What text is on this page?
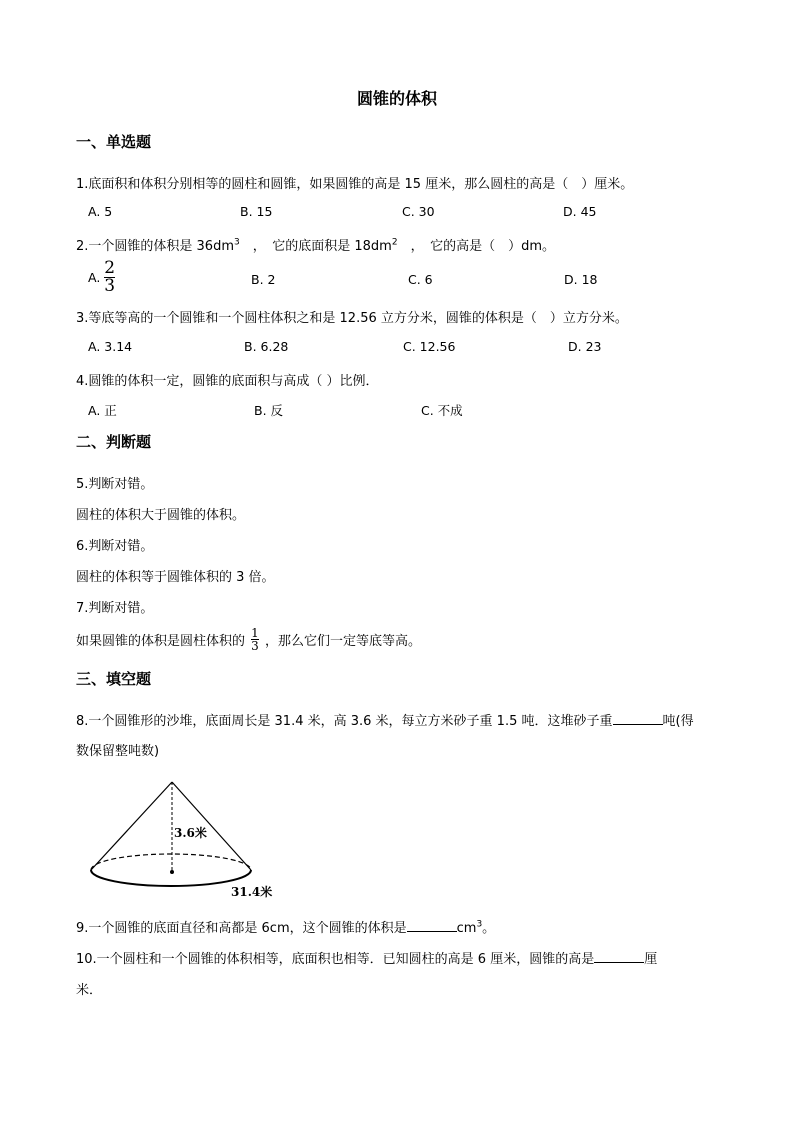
圆锥的体积
一、单选题
1.底面积和体积分别相等的圆柱和圆锥，如果圆锥的高是 15 厘米，那么圆柱的高是（　）厘米。
A. 5	B. 15	C. 30	D. 45
2.一个圆锥的体积是 $36dm^3$　，　它的底面积是 $18dm^2$　，　它的高是（　）dm。
A. $\frac{2}{3}$	B. 2	C. 6	D. 18
3.等底等高的一个圆锥和一个圆柱体积之和是 12.56 立方分米，圆锥的体积是（　）立方分米。
A. 3.14	B. 6.28	C. 12.56	D. 23
4.圆锥的体积一定，圆锥的底面积与高成（ ）比例．
A. 正	B. 反	C. 不成
二、判断题
5.判断对错。
圆柱的体积大于圆锥的体积。
6.判断对错。
圆柱的体积等于圆锥体积的 3 倍。
7.判断对错。
如果圆锥的体积是圆柱体积的 $\frac{1}{3}$ ，那么它们一定等底等高。
三、填空题
8.一个圆锥形的沙堆，底面周长是 31.4 米，高 3.6 米，每立方米砂子重 1.5 吨．这堆砂子重	吨(得
数保留整吨数)
3.6米
31.4米
9.一个圆锥的底面直径和高都是 6cm，这个圆锥的体积是	$cm^3$。
10.一个圆柱和一个圆锥的体积相等，底面积也相等．已知圆柱的高是 6 厘米，圆锥的高是	厘
米．
